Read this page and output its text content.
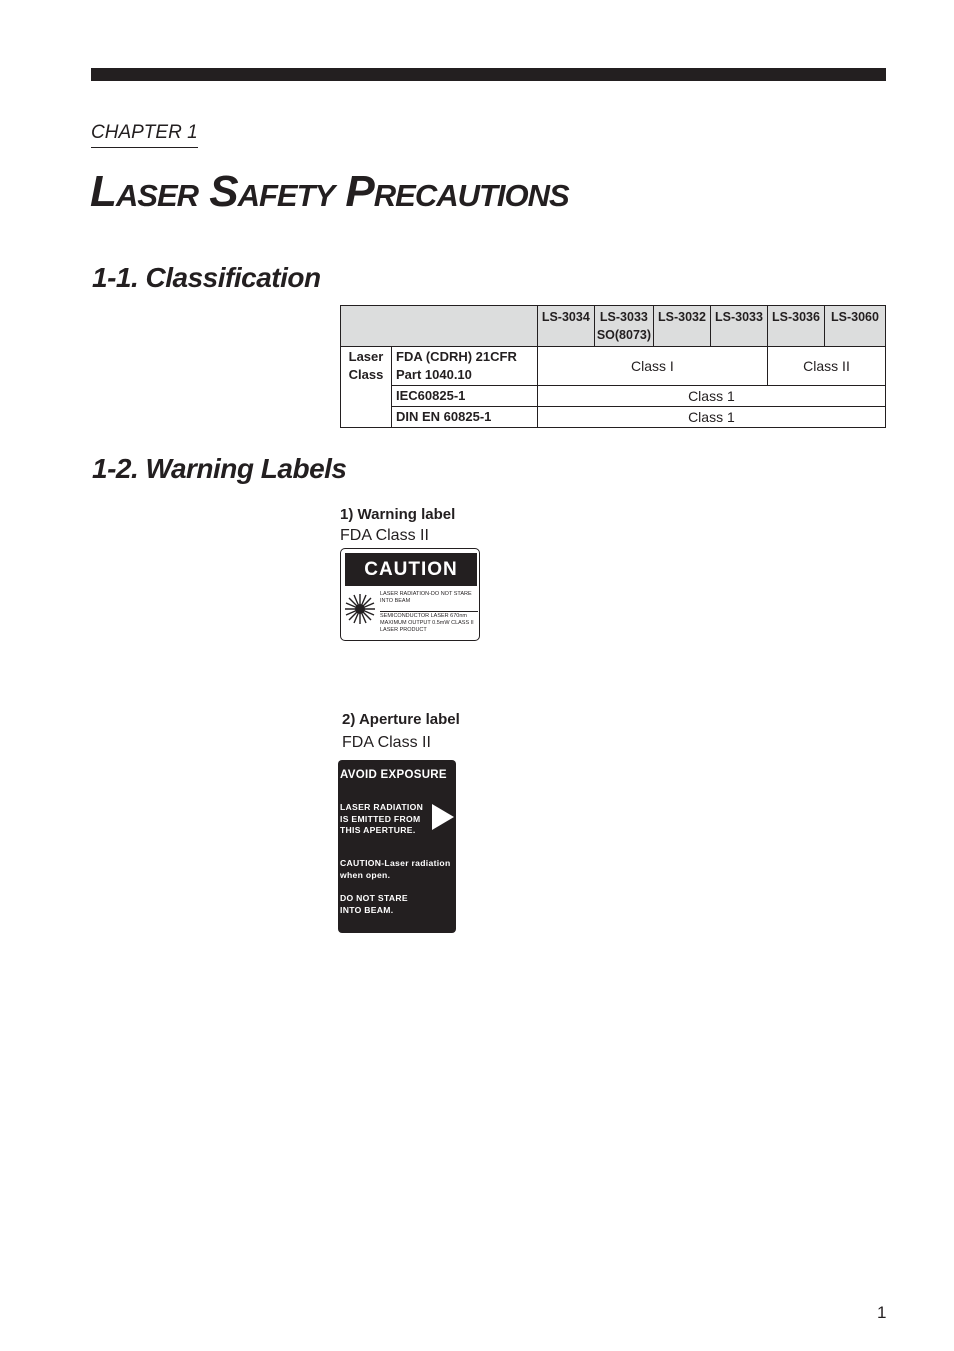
CHAPTER 1
Laser Safety Precautions
1-1. Classification
		LS-3034	LS-3033 SO(8073)	LS-3032	LS-3033	LS-3036	LS-3060
Laser Class	FDA (CDRH) 21CFR Part 1040.10	Class I				Class II	
	IEC60825-1	Class 1					
	DIN EN 60825-1	Class 1					
1-2. Warning Labels
1) Warning label
FDA Class II
CAUTION
LASER RADIATION-DO NOT STARE INTO BEAM
SEMICONDUCTOR LASER 670nm MAXIMUM OUTPUT 0.5mW CLASS II LASER PRODUCT
2) Aperture label
FDA Class II
AVOID EXPOSURE
LASER RADIATION IS EMITTED FROM THIS APERTURE.
CAUTION-Laser radiation when open.
DO NOT STARE INTO BEAM.
1
